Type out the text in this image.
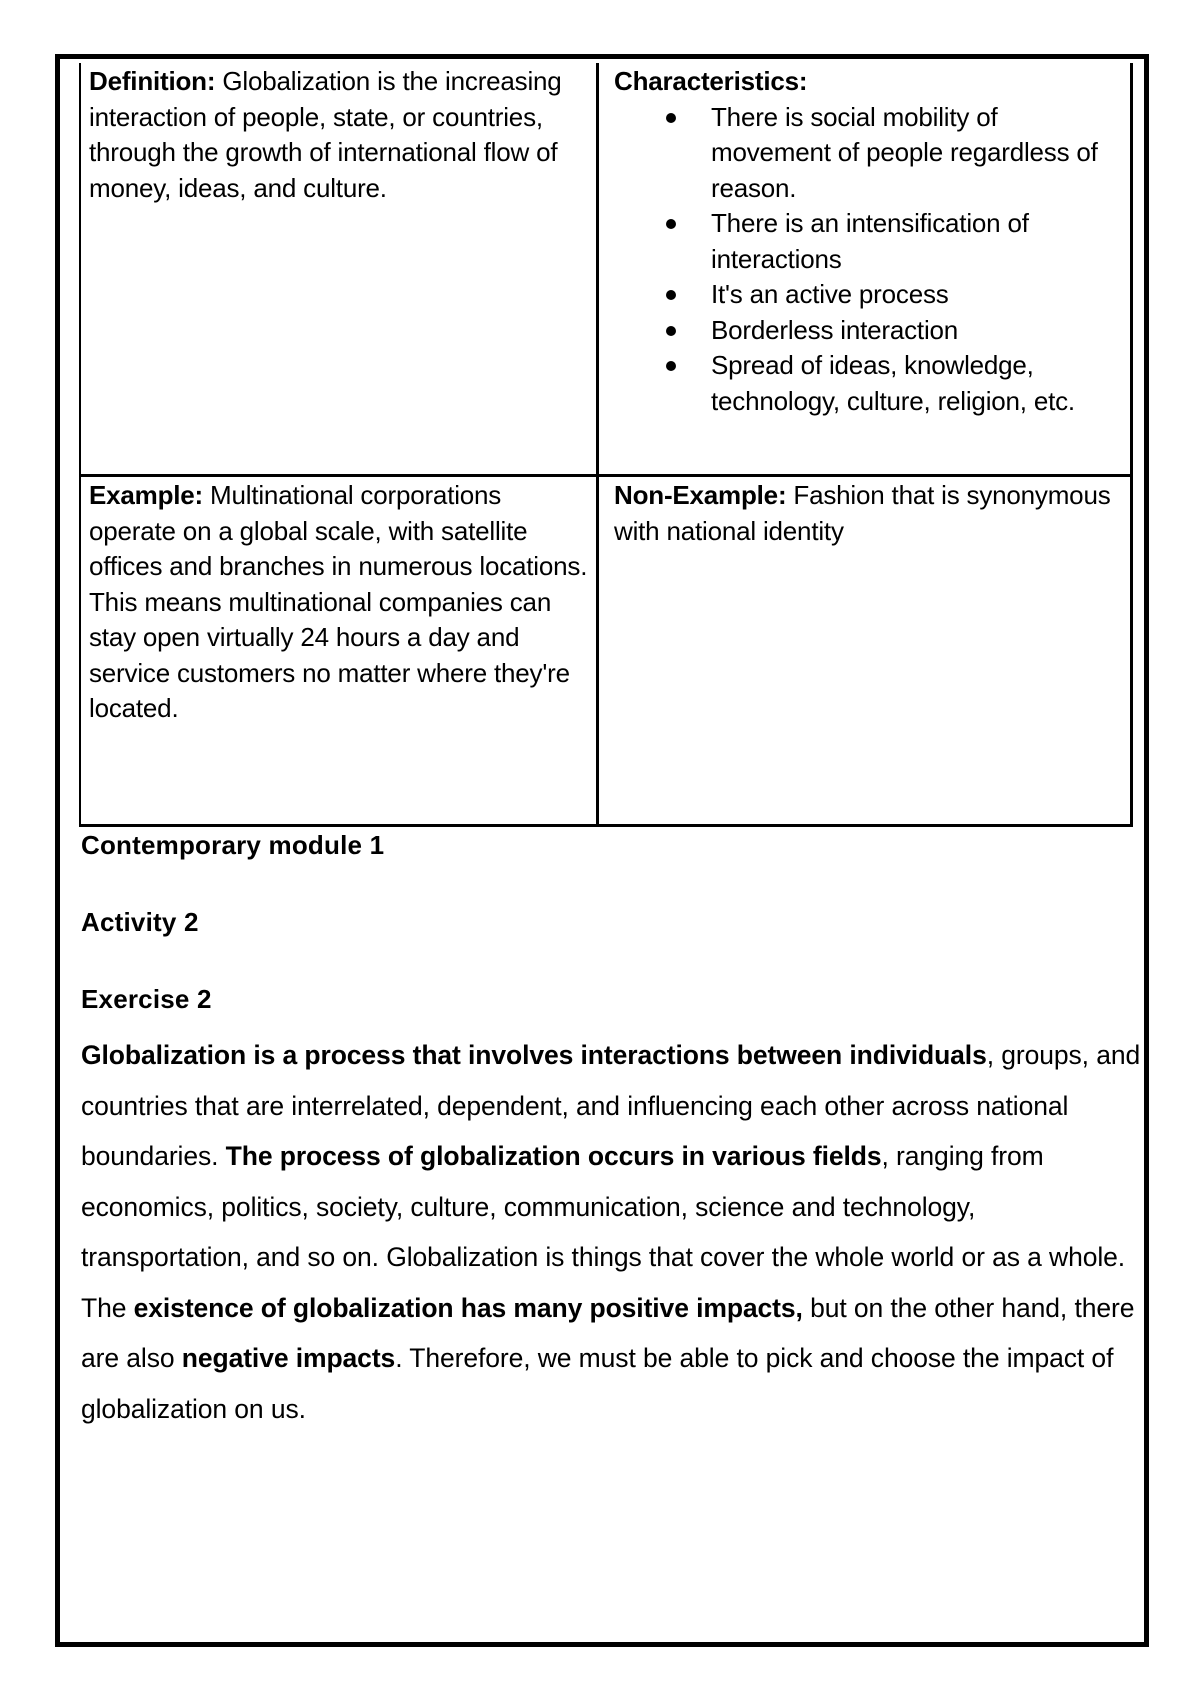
Definition: Globalization is the increasing interaction of people, state, or countries, through the growth of international flow of money, ideas, and culture.
Characteristics:
There is social mobility of movement of people regardless of reason.
There is an intensification of interactions
It's an active process
Borderless interaction
Spread of ideas, knowledge, technology, culture, religion, etc.
Example: Multinational corporations operate on a global scale, with satellite offices and branches in numerous locations. This means multinational companies can stay open virtually 24 hours a day and service customers no matter where they're located.
Non-Example: Fashion that is synonymous with national identity
Contemporary module 1
Activity 2
Exercise 2

Globalization is a process that involves interactions between individuals, groups, and countries that are interrelated, dependent, and influencing each other across national boundaries. The process of globalization occurs in various fields, ranging from economics, politics, society, culture, communication, science and technology, transportation, and so on. Globalization is things that cover the whole world or as a whole.

The existence of globalization has many positive impacts, but on the other hand, there are also negative impacts. Therefore, we must be able to pick and choose the impact of globalization on us.
